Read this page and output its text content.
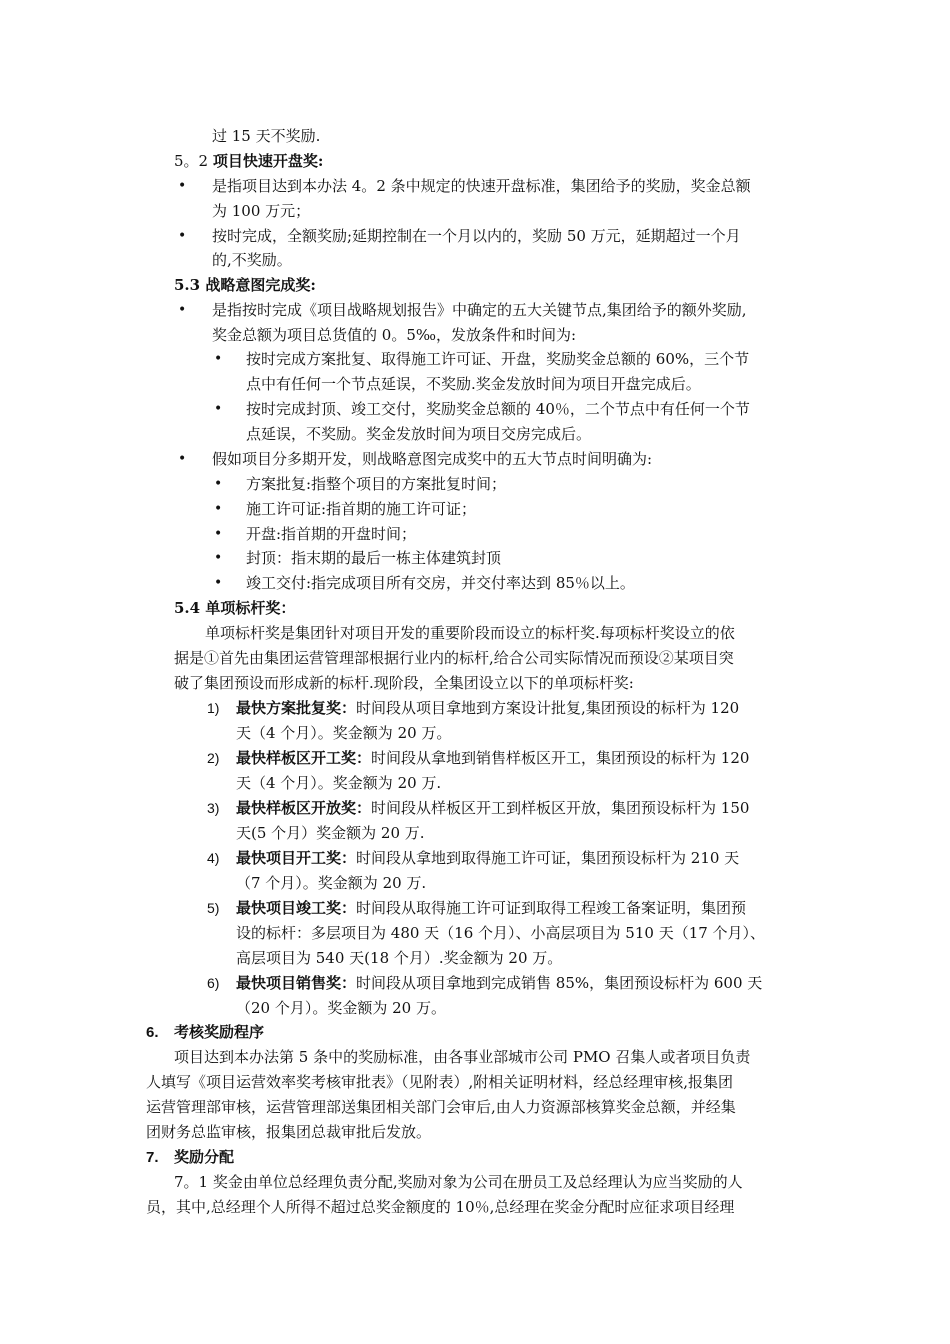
过 15 天不奖励.
5。2 项目快速开盘奖:
• 是指项目达到本办法 4。2 条中规定的快速开盘标准，集团给予的奖励，奖金总额
为 100 万元；
• 按时完成，全额奖励;延期控制在一个月以内的，奖励 50 万元，延期超过一个月
的,不奖励。
5.3 战略意图完成奖:
• 是指按时完成《项目战略规划报告》中确定的五大关键节点,集团给予的额外奖励,
奖金总额为项目总货值的 0。5‰，发放条件和时间为:
• 按时完成方案批复、取得施工许可证、开盘，奖励奖金总额的 60%，三个节
点中有任何一个节点延误，不奖励.奖金发放时间为项目开盘完成后。
• 按时完成封顶、竣工交付，奖励奖金总额的 40％，二个节点中有任何一个节
点延误，不奖励。奖金发放时间为项目交房完成后。
• 假如项目分多期开发，则战略意图完成奖中的五大节点时间明确为:
• 方案批复:指整个项目的方案批复时间；
• 施工许可证:指首期的施工许可证；
• 开盘:指首期的开盘时间；
• 封顶：指末期的最后一栋主体建筑封顶
• 竣工交付:指完成项目所有交房，并交付率达到 85％以上。
5.4 单项标杆奖：
单项标杆奖是集团针对项目开发的重要阶段而设立的标杆奖.每项标杆奖设立的依
据是①首先由集团运营管理部根据行业内的标杆,给合公司实际情况而预设②某项目突
破了集团预设而形成新的标杆.现阶段，全集团设立以下的单项标杆奖:
1) 最快方案批复奖：时间段从项目拿地到方案设计批复,集团预设的标杆为 120
天（4 个月）。奖金额为 20 万。
2) 最快样板区开工奖：时间段从拿地到销售样板区开工，集团预设的标杆为 120
天（4 个月）。奖金额为 20 万.
3) 最快样板区开放奖：时间段从样板区开工到样板区开放，集团预设标杆为 150
天(5 个月）奖金额为 20 万.
4) 最快项目开工奖：时间段从拿地到取得施工许可证，集团预设标杆为 210 天
（7 个月）。奖金额为 20 万.
5) 最快项目竣工奖：时间段从取得施工许可证到取得工程竣工备案证明，集团预
设的标杆：多层项目为 480 天（16 个月）、小高层项目为 510 天（17 个月）、
高层项目为 540 天(18 个月）.奖金额为 20 万。
6) 最快项目销售奖：时间段从项目拿地到完成销售 85%，集团预设标杆为 600 天
（20 个月）。奖金额为 20 万。
6. 考核奖励程序
项目达到本办法第 5 条中的奖励标准，由各事业部城市公司 PMO 召集人或者项目负责
人填写《项目运营效率奖考核审批表》（见附表）,附相关证明材料，经总经理审核,报集团
运营管理部审核，运营管理部送集团相关部门会审后,由人力资源部核算奖金总额，并经集
团财务总监审核，报集团总裁审批后发放。
7. 奖励分配
7。1 奖金由单位总经理负责分配,奖励对象为公司在册员工及总经理认为应当奖励的人
员，其中,总经理个人所得不超过总奖金额度的 10％,总经理在奖金分配时应征求项目经理
